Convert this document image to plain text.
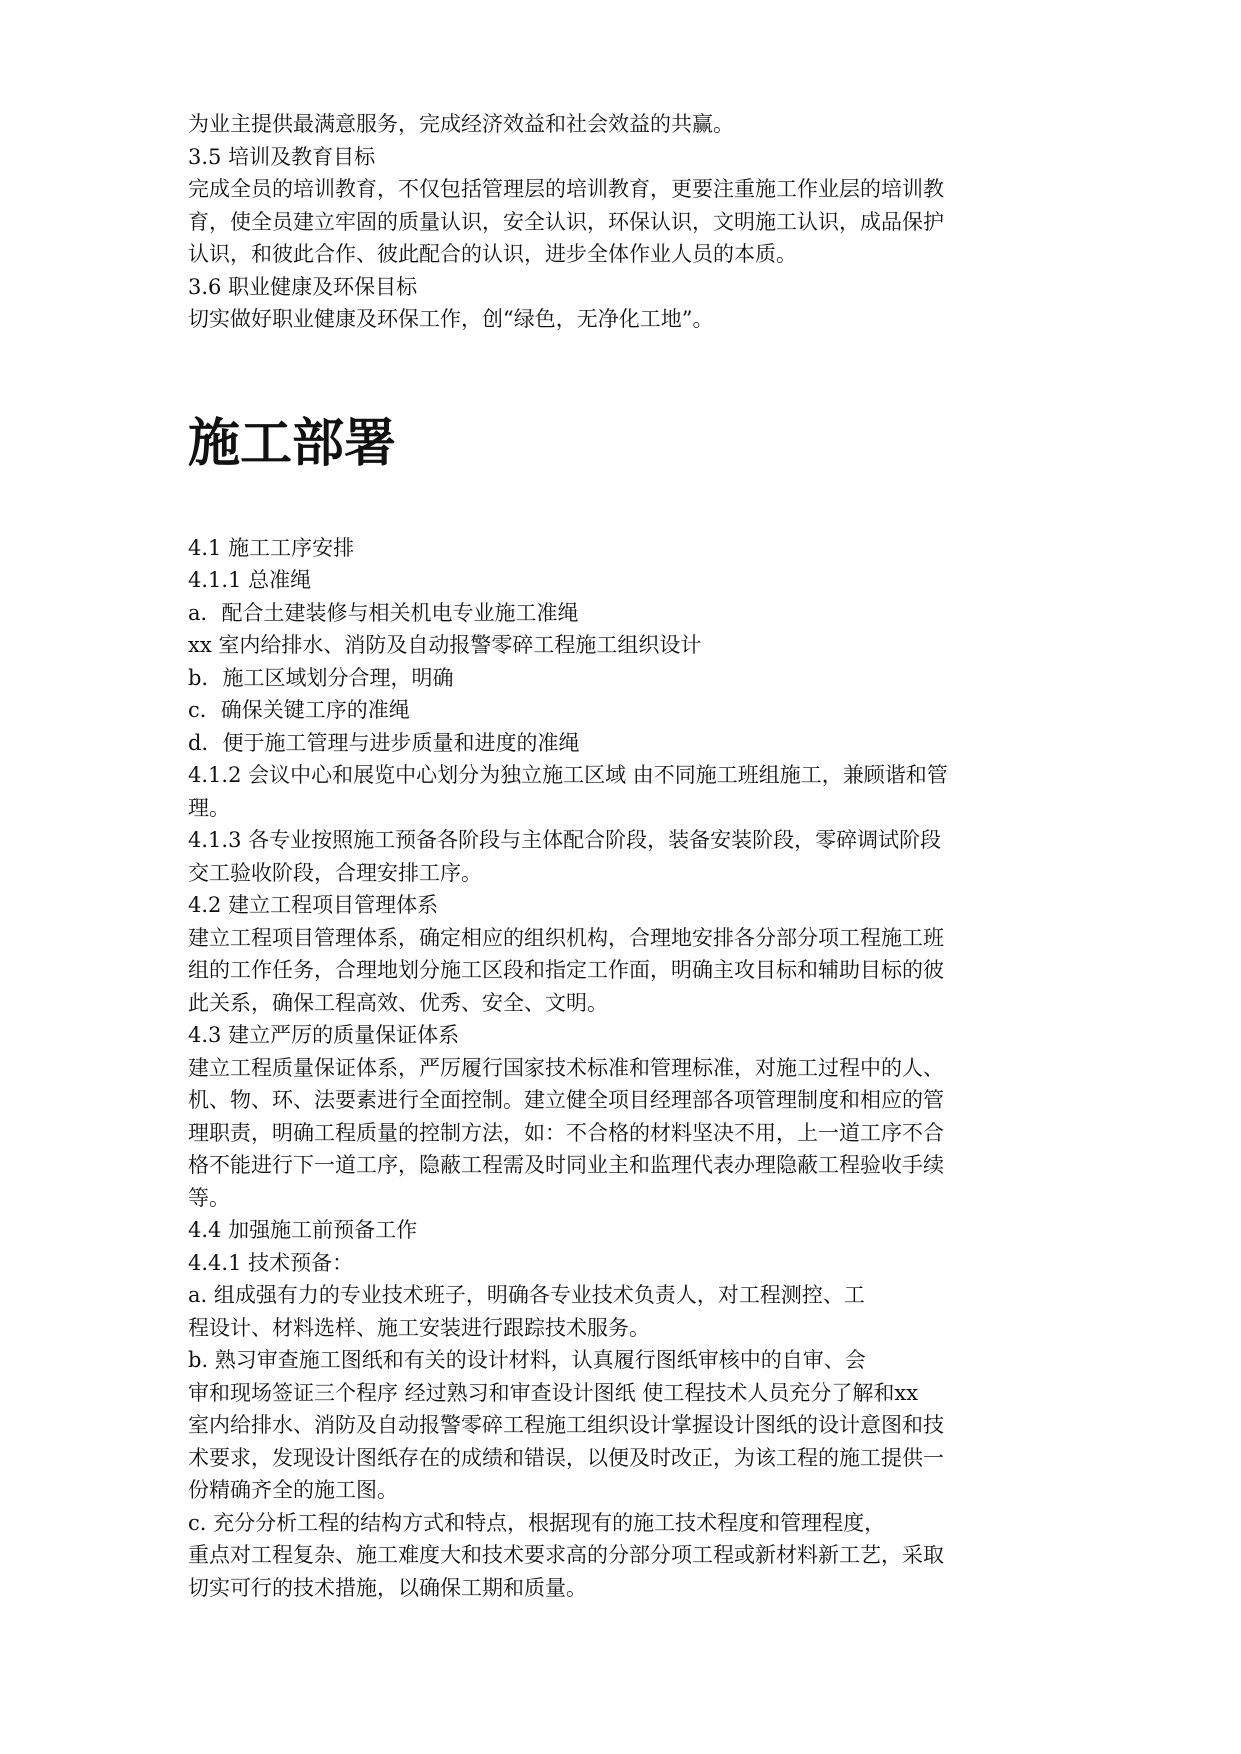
为业主提供最满意服务，完成经济效益和社会效益的共赢。

3.5 培训及教育目标

完成全员的培训教育，不仅包括管理层的培训教育，更要注重施工作业层的培训教

育，使全员建立牢固的质量认识，安全认识，环保认识，文明施工认识，成品保护

认识，和彼此合作、彼此配合的认识，进步全体作业人员的本质。

3.6 职业健康及环保目标

切实做好职业健康及环保工作，创“绿色，无净化工地”。

施工部署

4.1 施工工序安排

4.1.1 总准绳

a．配合土建装修与相关机电专业施工准绳

xx 室内给排水、消防及自动报警零碎工程施工组织设计

b．施工区域划分合理，明确

c．确保关键工序的准绳

d．便于施工管理与进步质量和进度的准绳

4.1.2 会议中心和展览中心划分为独立施工区域 由不同施工班组施工，兼顾谐和管

理。

4.1.3 各专业按照施工预备各阶段与主体配合阶段，装备安装阶段，零碎调试阶段

交工验收阶段，合理安排工序。

4.2 建立工程项目管理体系

建立工程项目管理体系，确定相应的组织机构，合理地安排各分部分项工程施工班

组的工作任务，合理地划分施工区段和指定工作面，明确主攻目标和辅助目标的彼

此关系，确保工程高效、优秀、安全、文明。

4.3 建立严厉的质量保证体系

建立工程质量保证体系，严厉履行国家技术标准和管理标准，对施工过程中的人、

机、物、环、法要素进行全面控制。建立健全项目经理部各项管理制度和相应的管

理职责，明确工程质量的控制方法，如：不合格的材料坚决不用，上一道工序不合

格不能进行下一道工序，隐蔽工程需及时同业主和监理代表办理隐蔽工程验收手续

等。

4.4 加强施工前预备工作

4.4.1 技术预备：

a. 组成强有力的专业技术班子，明确各专业技术负责人，对工程测控、工

程设计、材料选样、施工安装进行跟踪技术服务。

b. 熟习审查施工图纸和有关的设计材料，认真履行图纸审核中的自审、会

审和现场签证三个程序 经过熟习和审查设计图纸 使工程技术人员充分了解和xx

室内给排水、消防及自动报警零碎工程施工组织设计掌握设计图纸的设计意图和技

术要求，发现设计图纸存在的成绩和错误，以便及时改正，为该工程的施工提供一

份精确齐全的施工图。

c. 充分分析工程的结构方式和特点，根据现有的施工技术程度和管理程度，

重点对工程复杂、施工难度大和技术要求高的分部分项工程或新材料新工艺，采取

切实可行的技术措施，以确保工期和质量。
